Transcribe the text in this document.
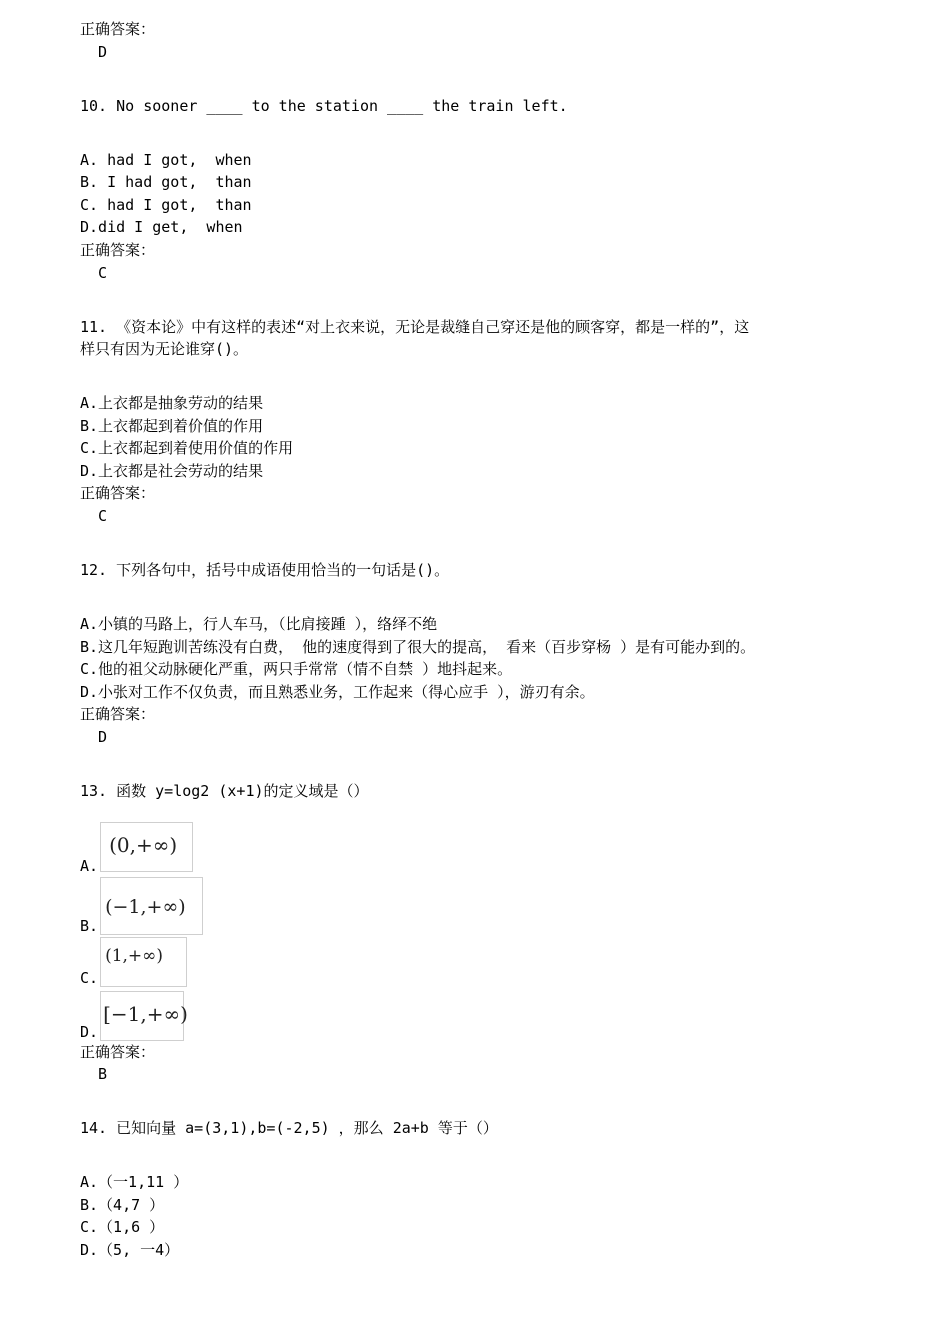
正确答案：
D
10. No sooner ____ to the station ____ the train left.
A. had I got,  when
B. I had got,  than
C. had I got,  than
D.did I get,  when
正确答案：
C
11. 《资本论》中有这样的表述“对上衣来说，无论是裁缝自己穿还是他的顾客穿，都是一样的”，这
样只有因为无论谁穿()。
A.上衣都是抽象劳动的结果
B.上衣都起到着价值的作用
C.上衣都起到着使用价值的作用
D.上衣都是社会劳动的结果
正确答案：
C
12. 下列各句中，括号中成语使用恰当的一句话是()。
A.小镇的马路上，行人车马，（比肩接踵 ），络绎不绝
B.这几年短跑训苦练没有白费， 他的速度得到了很大的提高， 看来（百步穿杨 ）是有可能办到的。
C.他的祖父动脉硬化严重，两只手常常（情不自禁 ）地抖起来。
D.小张对工作不仅负责，而且熟悉业务，工作起来（得心应手 ），游刃有余。
正确答案：
D
13. 函数 y=log2 (x+1)的定义域是（）
A.
(0,+∞)
B.
(−1,+∞)
C.
(1,+∞)
D.
[−1,+∞)
正确答案：
B
14. 已知向量 a=(3,1),b=(-2,5) ，那么 2a+b 等于（）
A.（一1,11 ）
B.（4,7 ）
C.（1,6 ）
D.（5, 一4）
